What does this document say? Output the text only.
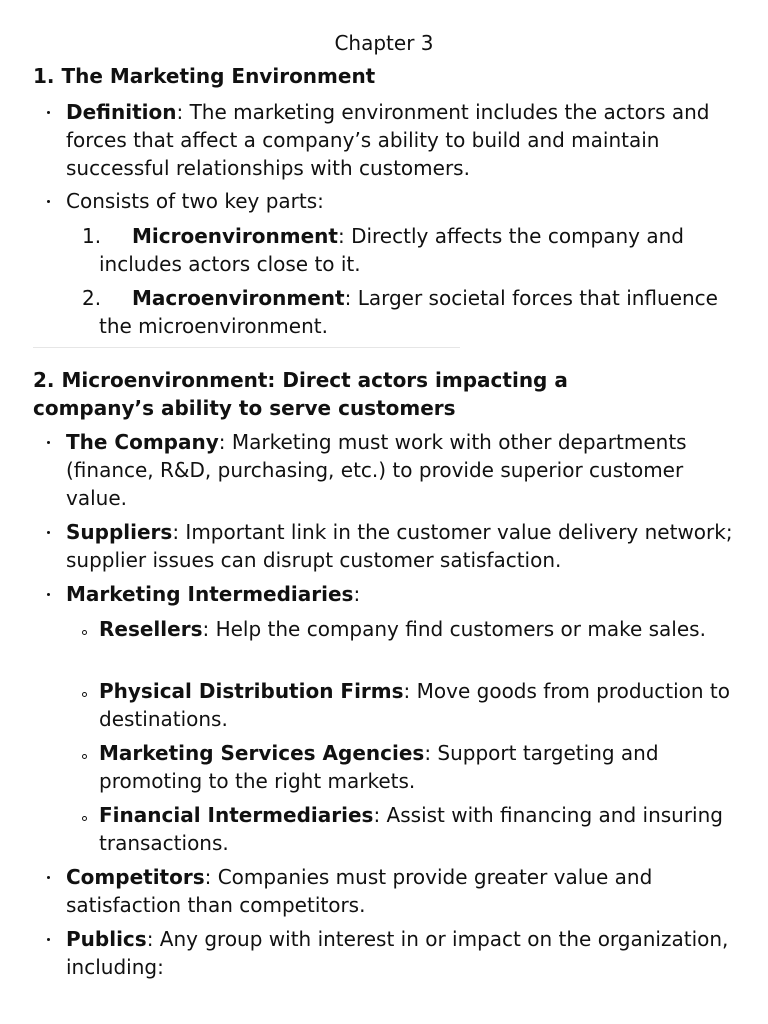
Chapter 3
1. The Marketing Environment
Definition: The marketing environment includes the actors and forces that affect a company’s ability to build and maintain successful relationships with customers.
Consists of two key parts:
1. Microenvironment: Directly affects the company and includes actors close to it.
2. Macroenvironment: Larger societal forces that influence the microenvironment.
2. Microenvironment: Direct actors impacting a
company’s ability to serve customers
The Company: Marketing must work with other departments (finance, R&D, purchasing, etc.) to provide superior customer value.
Suppliers: Important link in the customer value delivery network; supplier issues can disrupt customer satisfaction.
Marketing Intermediaries:
Resellers: Help the company find customers or make sales.
Physical Distribution Firms: Move goods from production to destinations.
Marketing Services Agencies: Support targeting and promoting to the right markets.
Financial Intermediaries: Assist with financing and insuring transactions.
Competitors: Companies must provide greater value and satisfaction than competitors.
Publics: Any group with interest in or impact on the organization, including:
